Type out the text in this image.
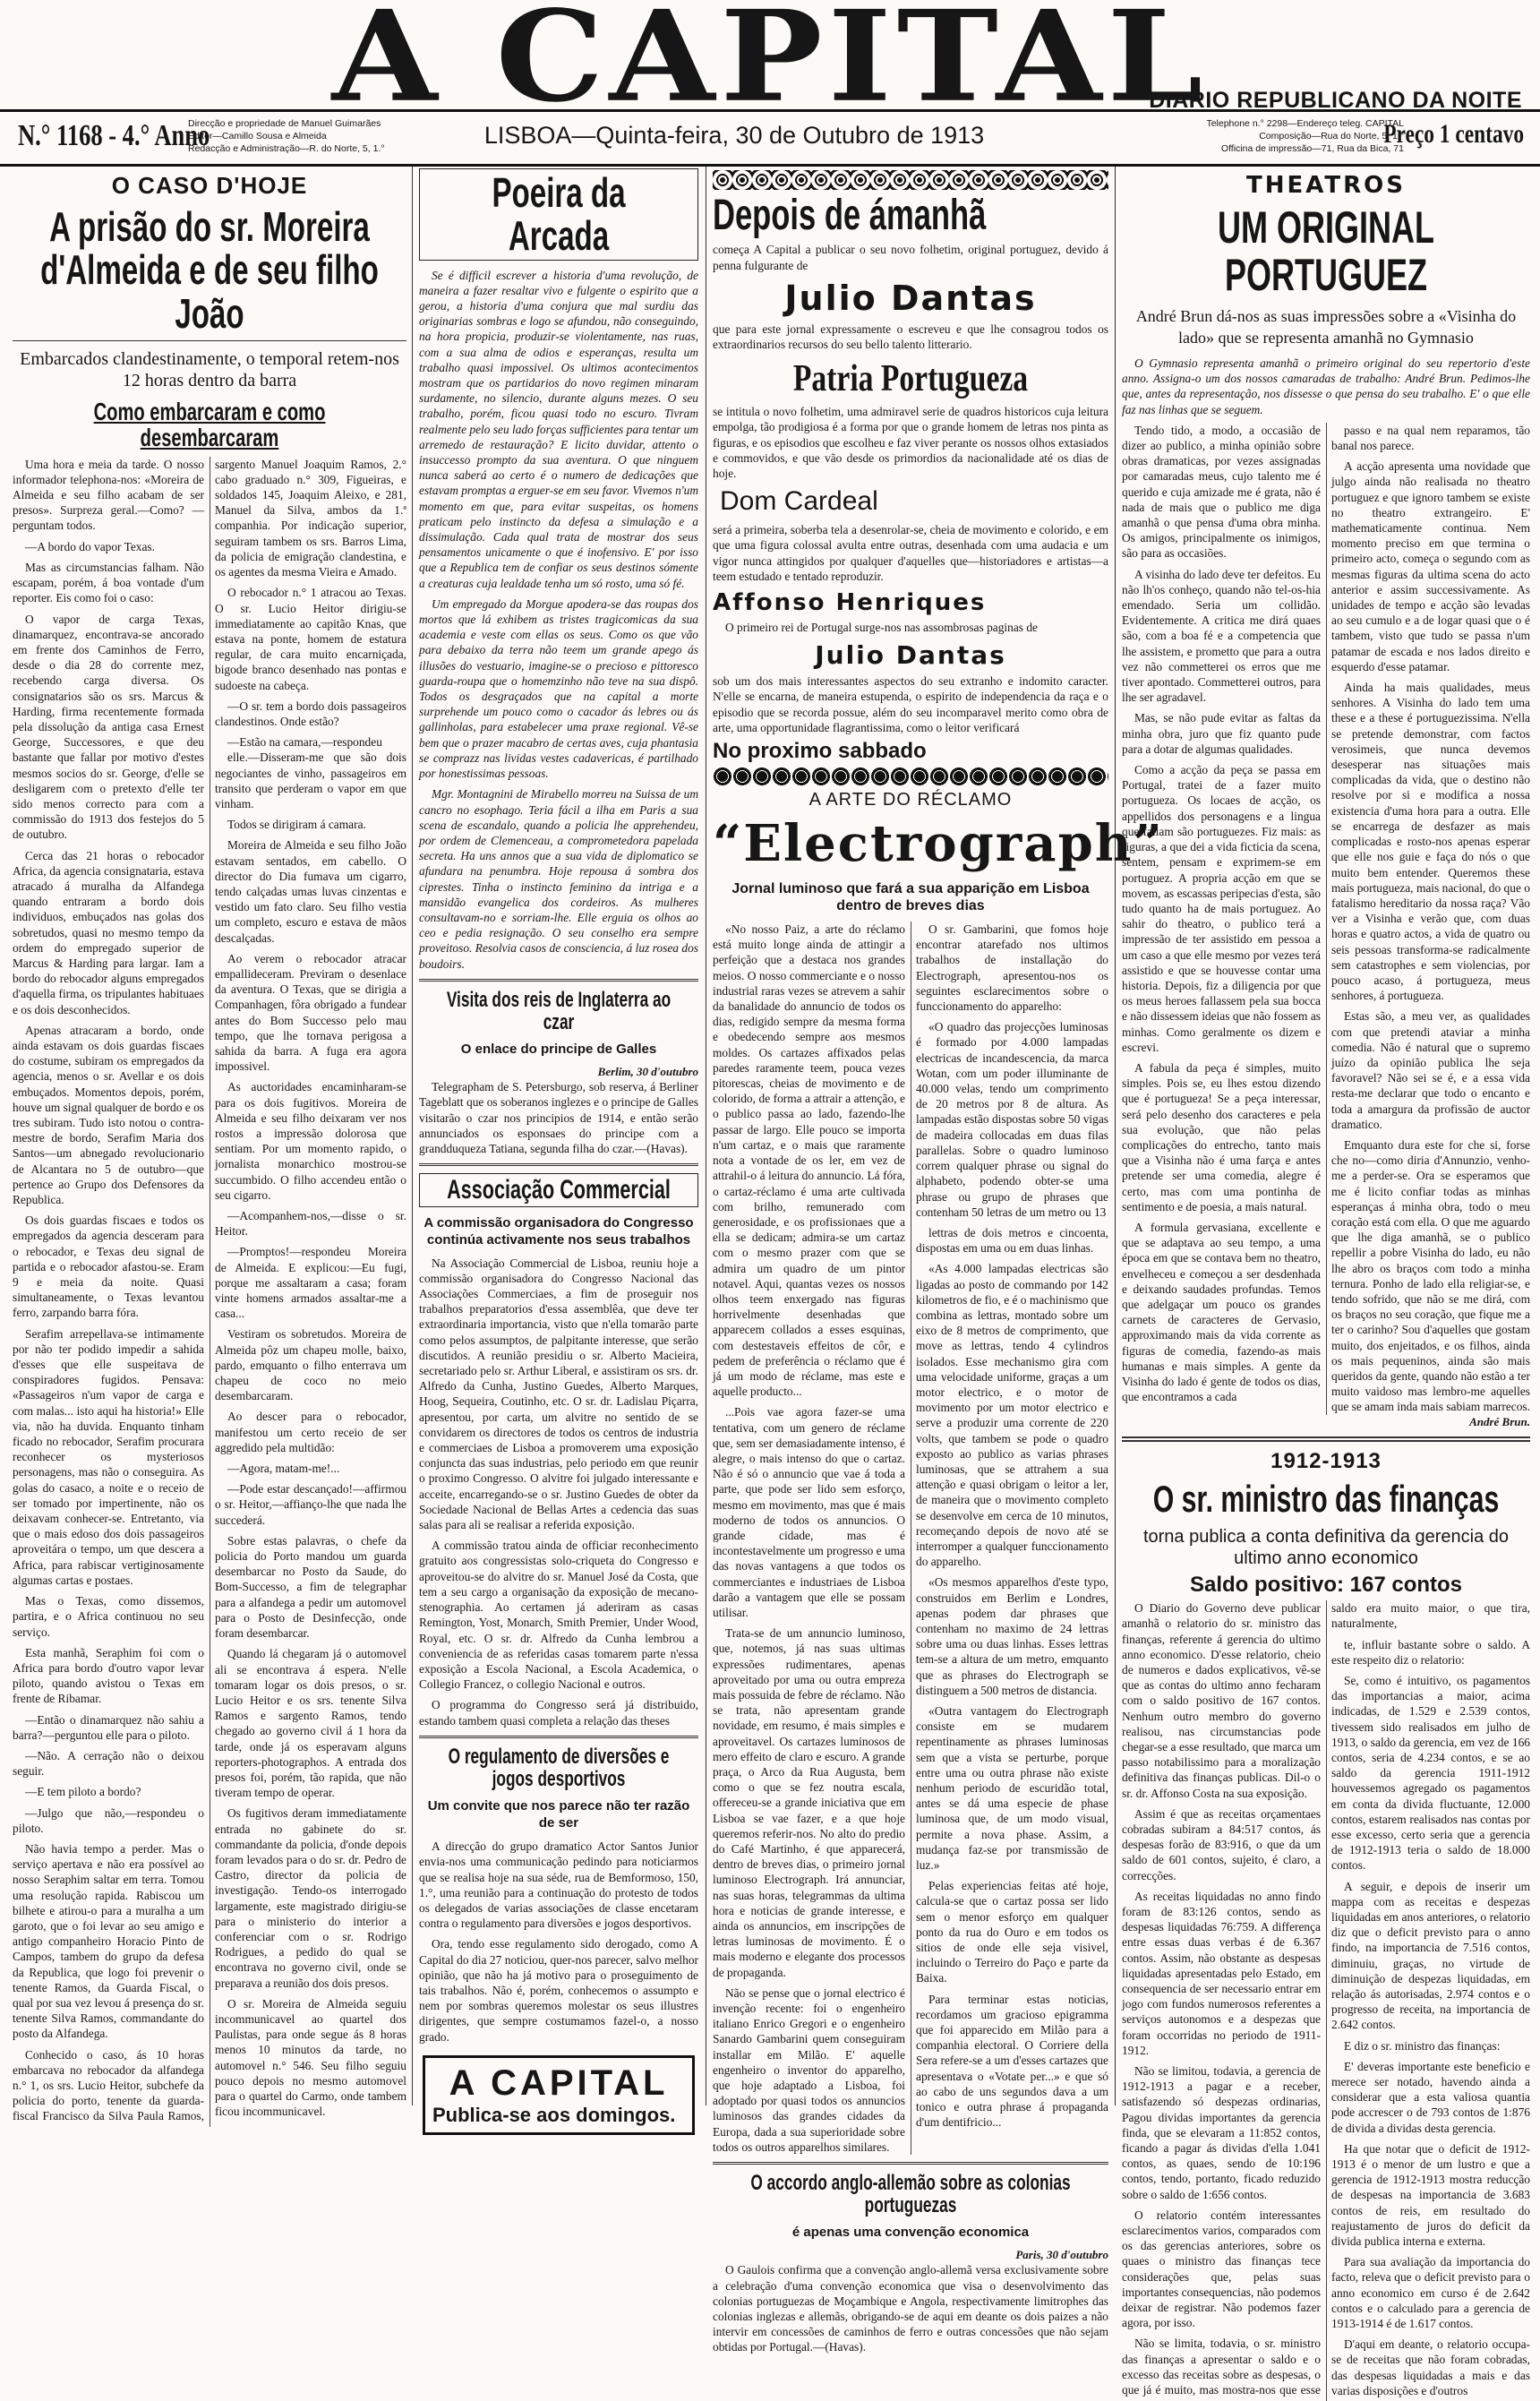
A CAPITAL
DIARIO REPUBLICANO DA NOITE
N.° 1168 - 4.° Anno
Direcção e propriedade de Manuel Guimarães
Editor—Camillo Sousa e Almeida
Redacção e Administração—R. do Norte, 5, 1.°	LISBOA—Quinta-feira, 30 de Outubro de 1913	Telephone n.° 2298—Endereço teleg. CAPITAL
Composição—Rua do Norte, 5, 1.°
Officina de impressão—71, Rua da Bica, 71
Preço 1 centavo
O CASO D'HOJE
A prisão do sr. Moreira d'Almeida e de seu filho João
Embarcados clandestinamente, o temporal retem-nos 12 horas dentro da barra
Como embarcaram e como desembarcaram

Uma hora e meia da tarde. O nosso informador telephona-nos: «Moreira de Almeida e seu filho acabam de ser presos». Surpreza geral.—Como? —perguntam todos.

—A bordo do vapor Texas.

Mas as circumstancias falham. Não escapam, porém, á boa vontade d'um reporter. Eis como foi o caso:

O vapor de carga Texas, dinamarquez, encontrava-se ancorado em frente dos Caminhos de Ferro, desde o dia 28 do corrente mez, recebendo carga diversa. Os consignatarios são os srs. Marcus & Harding, firma recentemente formada pela dissolução da antiga casa Ernest George, Successores, e que deu bastante que fallar por motivo d'estes mesmos socios do sr. George, d'elle se desligarem com o pretexto d'elle ter sido menos correcto para com a commissão do 1913 dos festejos do 5 de outubro.

Cerca das 21 horas o rebocador Africa, da agencia consignataria, estava atracado á muralha da Alfandega quando entraram a bordo dois individuos, embuçados nas golas dos sobretudos, quasi no mesmo tempo da ordem do empregado superior de Marcus & Harding para largar. Iam a bordo do rebocador alguns empregados d'aquella firma, os tripulantes habituaes e os dois desconhecidos.

Apenas atracaram a bordo, onde ainda estavam os dois guardas fiscaes do costume, subiram os empregados da agencia, menos o sr. Avellar e os dois embuçados. Momentos depois, porém, houve um signal qualquer de bordo e os tres subiram. Tudo isto notou o contra-mestre de bordo, Serafim Maria dos Santos—um abnegado revolucionario de Alcantara no 5 de outubro—que pertence ao Grupo dos Defensores da Republica.

Os dois guardas fiscaes e todos os empregados da agencia desceram para o rebocador, e Texas deu signal de partida e o rebocador afastou-se. Eram 9 e meia da noite. Quasi simultaneamente, o Texas levantou ferro, zarpando barra fóra.

Serafim arrepellava-se intimamente por não ter podido impedir a sahida d'esses que elle suspeitava de conspiradores fugidos. Pensava: «Passageiros n'um vapor de carga e com malas... isto aqui ha historia!» Elle via, não ha duvida. Enquanto tinham ficado no rebocador, Serafim procurara reconhecer os mysteriosos personagens, mas não o conseguira. As golas do casaco, a noite e o receio de ser tomado por impertinente, não os deixavam conhecer-se. Entretanto, via que o mais edoso dos dois passageiros aproveitára o tempo, um que descera a Africa, para rabiscar vertiginosamente algumas cartas e postaes.

Mas o Texas, como dissemos, partira, e o Africa continuou no seu serviço.

Esta manhã, Seraphim foi com o Africa para bordo d'outro vapor levar piloto, quando avistou o Texas em frente de Ribamar.

—Então o dinamarquez não sahiu a barra?—perguntou elle para o piloto.

—Não. A cerração não o deixou seguir.

—E tem piloto a bordo?

—Julgo que não,—respondeu o piloto.

Não havia tempo a perder. Mas o serviço apertava e não era possível ao nosso Seraphim saltar em terra. Tomou uma resolução rapida. Rabiscou um bilhete e atirou-o para a muralha a um garoto, que o foi levar ao seu amigo e antigo companheiro Horacio Pinto de Campos, tambem do grupo da defesa da Republica, que logo foi prevenir o tenente Ramos, da Guarda Fiscal, o qual por sua vez levou á presença do sr. tenente Silva Ramos, commandante do posto da Alfandega.

Conhecido o caso, ás 10 horas embarcava no rebocador da alfandega n.° 1, os srs. Lucio Heitor, subchefe da policia do porto, tenente da guarda-fiscal Francisco da Silva Paula Ramos, sargento Manuel Joaquim Ramos, 2.° cabo graduado n.° 309, Figueiras, e soldados 145, Joaquim Aleixo, e 281, Manuel da Silva, ambos da 1.ª companhia. Por indicação superior, seguiram tambem os srs. Barros Lima, da policia de emigração clandestina, e os agentes da mesma Vieira e Amado.

O rebocador n.° 1 atracou ao Texas. O sr. Lucio Heitor dirigiu-se immediatamente ao capitão Knas, que estava na ponte, homem de estatura regular, de cara muito encarniçada, bigode branco desenhado nas pontas e sudoeste na cabeça.

—O sr. tem a bordo dois passageiros clandestinos. Onde estão?

—Estão na camara,—respondeu

elle.—Disseram-me que são dois negociantes de vinho, passageiros em transito que perderam o vapor em que vinham.

Todos se dirigiram á camara.

Moreira de Almeida e seu filho João estavam sentados, em cabello. O director do Dia fumava um cigarro, tendo calçadas umas luvas cinzentas e vestido um fato claro. Seu filho vestia um completo, escuro e estava de mãos descalçadas.

Ao verem o rebocador atracar empallideceram. Previram o desenlace da aventura. O Texas, que se dirigia a Companhagen, fôra obrigado a fundear antes do Bom Successo pelo mau tempo, que lhe tornava perigosa a sahida da barra. A fuga era agora impossivel.

As auctoridades encaminharam-se para os dois fugitivos. Moreira de Almeida e seu filho deixaram ver nos rostos a impressão dolorosa que sentiam. Por um momento rapido, o jornalista monarchico mostrou-se succumbido. O filho accendeu então o seu cigarro.

—Acompanhem-nos,—disse o sr. Heitor.

—Promptos!—respondeu Moreira de Almeida. E explicou:—Eu fugi, porque me assaltaram a casa; foram vinte homens armados assaltar-me a casa...

Vestiram os sobretudos. Moreira de Almeida pôz um chapeu molle, baixo, pardo, emquanto o filho enterrava um chapeu de coco no meio desembarcaram.

Ao descer para o rebocador, manifestou um certo receio de ser aggredido pela multidão:

—Agora, matam-me!...

—Pode estar descançado!—affirmou o sr. Heitor,—affianço-lhe que nada lhe succederá.

Sobre estas palavras, o chefe da policia do Porto mandou um guarda desembarcar no Posto da Saude, do Bom-Successo, a fim de telegraphar para a alfandega a pedir um automovel para o Posto de Desinfecção, onde foram desembarcar.

Quando lá chegaram já o automovel ali se encontrava á espera. N'elle tomaram logar os dois presos, o sr. Lucio Heitor e os srs. tenente Silva Ramos e sargento Ramos, tendo chegado ao governo civil á 1 hora da tarde, onde já os esperavam alguns reporters-photographos. A entrada dos presos foi, porém, tão rapida, que não tiveram tempo de operar.

Os fugitivos deram immediatamente entrada no gabinete do sr. commandante da policia, d'onde depois foram levados para o do sr. dr. Pedro de Castro, director da policia de investigação. Tendo-os interrogado largamente, este magistrado dirigiu-se para o ministerio do interior a conferenciar com o sr. Rodrigo Rodrigues, a pedido do qual se encontrava no governo civil, onde se preparava a reunião dos dois presos.

O sr. Moreira de Almeida seguiu incommunicavel ao quartel dos Paulistas, para onde segue ás 8 horas menos 10 minutos da tarde, no automovel n.° 546. Seu filho seguiu pouco depois no mesmo automovel para o quartel do Carmo, onde tambem ficou incommunicavel.

Poeira da Arcada

Se é difficil escrever a historia d'uma revolução, de maneira a fazer resaltar vivo e fulgente o espirito que a gerou, a historia d'uma conjura que mal surdiu das originarias sombras e logo se afundou, não conseguindo, na hora propicia, produzir-se violentamente, nas ruas, com a sua alma de odios e esperanças, resulta um trabalho quasi impossivel. Os ultimos acontecimentos mostram que os partidarios do novo regimen minaram surdamente, no silencio, durante alguns mezes. O seu trabalho, porém, ficou quasi todo no escuro. Tivram realmente pelo seu lado forças sufficientes para tentar um arremedo de restauração? E licito duvidar, attento o insuccesso prompto da sua aventura. O que ninguem nunca saberá ao certo é o numero de dedicações que estavam promptas a erguer-se em seu favor. Vivemos n'um momento em que, para evitar suspeitas, os homens praticam pelo instincto da defesa a simulação e a dissimulação. Cada qual trata de mostrar dos seus pensamentos unicamente o que é inofensivo. E' por isso que a Republica tem de confiar os seus destinos sómente a creaturas cuja lealdade tenha um só rosto, uma só fé.

Um empregado da Morgue apodera-se das roupas dos mortos que lá exhibem as tristes tragicomicas da sua academia e veste com ellas os seus. Como os que vão para debaixo da terra não teem um grande apego ás illusões do vestuario, imagine-se o precioso e pittoresco guarda-roupa que o homemzinho não teve na sua dispô. Todos os desgraçados que na capital a morte surprehende um pouco como o cacador ás lebres ou ás gallinholas, para estabelecer uma praxe regional. Vê-se bem que o prazer macabro de certas aves, cuja phantasia se comprazz nas lividas vestes cadavericas, é partilhado por honestissimas pessoas.

Mgr. Montagnini de Mirabello morreu na Suissa de um cancro no esophago. Teria fácil a ilha em Paris a sua scena de escandalo, quando a policia lhe apprehendeu, por ordem de Clemenceau, a comprometedora papelada secreta. Ha uns annos que a sua vida de diplomatico se afundara na penumbra. Hoje repousa á sombra dos ciprestes. Tinha o instincto feminino da intriga e a mansidão evangelica dos cordeiros. As mulheres consultavam-no e sorriam-lhe. Elle erguia os olhos ao ceo e pedia resignação. O seu conselho era sempre proveitoso. Resolvia casos de consciencia, á luz rosea dos boudoirs.

Visita dos reis de Inglaterra ao czar
O enlace do principe de Galles
Berlim, 30 d'outubro

Telegrapham de S. Petersburgo, sob reserva, á Berliner Tageblatt que os soberanos inglezes e o principe de Galles visitarão o czar nos principios de 1914, e então serão annunciados os esponsaes do principe com a grandduqueza Tatiana, segunda filha do czar.—(Havas).

Associação Commercial
A commissão organisadora do Congresso continúa activamente nos seus trabalhos

Na Associação Commercial de Lisboa, reuniu hoje a commissão organisadora do Congresso Nacional das Associações Commerciaes, a fim de proseguir nos trabalhos preparatorios d'essa assemblêa, que deve ter extraordinaria importancia, visto que n'ella tomarão parte como pelos assumptos, de palpitante interesse, que serão discutidos. A reunião presidiu o sr. Alberto Macieira, secretariado pelo sr. Arthur Liberal, e assistiram os srs. dr. Alfredo da Cunha, Justino Guedes, Alberto Marques, Hoog, Sequeira, Coutinho, etc. O sr. dr. Ladislau Piçarra, apresentou, por carta, um alvitre no sentido de se convidarem os directores de todos os centros de industria e commerciaes de Lisboa a promoverem uma exposição conjuncta das suas industrias, pelo periodo em que reunir o proximo Congresso. O alvitre foi julgado interessante e acceite, encarregando-se o sr. Justino Guedes de obter da Sociedade Nacional de Bellas Artes a cedencia das suas salas para ali se realisar a referida exposição.

A commissão tratou ainda de officiar reconhecimento gratuito aos congressistas solo-criqueta do Congresso e aproveitou-se do alvitre do sr. Manuel José da Costa, que tem a seu cargo a organisação da exposição de mecano-stenographia. Ao certamen já aderiram as casas Remington, Yost, Monarch, Smith Premier, Under Wood, Royal, etc. O sr. dr. Alfredo da Cunha lembrou a conveniencia de as referidas casas tomarem parte n'essa exposição a Escola Nacional, a Escola Academica, o Collegio Francez, o collegio Nacional e outros.

O programma do Congresso será já distribuido, estando tambem quasi completa a relação das theses

O regulamento de diversões e jogos desportivos
Um convite que nos parece não ter razão de ser

A direcção do grupo dramatico Actor Santos Junior envia-nos uma communicação pedindo para noticiarmos que se realisa hoje na sua séde, rua de Bemformoso, 150, 1.°, uma reunião para a continuação do protesto de todos os delegados de varias associações de classe encetaram contra o regulamento para diversões e jogos desportivos.

Ora, tendo esse regulamento sido derogado, como A Capital do dia 27 noticiou, quer-nos parecer, salvo melhor opinião, que não ha já motivo para o proseguimento de tais trabalhos. Não é, porém, conhecemos o assumpto e nem por sombras queremos molestar os seus illustres dirigentes, que sempre costumamos fazel-o, a nosso grado.

A CAPITAL
Publica-se aos domingos.
Depois de ámanhã

começa A Capital a publicar o seu novo folhetim, original portuguez, devido á penna fulgurante de

Julio Dantas

que para este jornal expressamente o escreveu e que lhe consagrou todos os extraordinarios recursos do seu bello talento litterario.

Patria Portugueza

se intitula o novo folhetim, uma admiravel serie de quadros historicos cuja leitura empolga, tão prodigiosa é a forma por que o grande homem de letras nos pinta as figuras, e os episodios que escolheu e faz viver perante os nossos olhos extasiados e commovidos, e que vão desde os primordios da nacionalidade até os dias de hoje.

Dom Cardeal

será a primeira, soberba tela a desenrolar-se, cheia de movimento e colorido, e em que uma figura colossal avulta entre outras, desenhada com uma audacia e um vigor nunca attingidos por qualquer d'aquelles que—historiadores e artistas—a teem estudado e tentado reproduzir.

Affonso Henriques

O primeiro rei de Portugal surge-nos nas assombrosas paginas de

Julio Dantas

sob um dos mais interessantes aspectos do seu extranho e indomito caracter. N'elle se encarna, de maneira estupenda, o espirito de independencia da raça e o episodio que se recorda possue, além do seu incomparavel merito como obra de arte, uma opportunidade flagrantissima, como o leitor verificará

No proximo sabbado
A ARTE DO RÉCLAMO
“Electrograph”
Jornal luminoso que fará a sua apparição em Lisboa dentro de breves dias

«No nosso Paiz, a arte do réclamo está muito longe ainda de attingir a perfeição que a destaca nos grandes meios. O nosso commerciante e o nosso industrial raras vezes se atrevem a sahir da banalidade do annuncio de todos os dias, redigido sempre da mesma forma e obedecendo sempre aos mesmos moldes. Os cartazes affixados pelas paredes raramente teem, pouca vezes pitorescas, cheias de movimento e de colorido, de forma a attrair a attenção, e o publico passa ao lado, fazendo-lhe passar de largo. Elle pouco se importa n'um cartaz, e o mais que raramente nota a vontade de os ler, em vez de attrahil-o á leitura do annuncio. Lá fóra, o cartaz-réclamo é uma arte cultivada com brilho, remunerado com generosidade, e os profissionaes que a ella se dedicam; admira-se um cartaz com o mesmo prazer com que se admira um quadro de um pintor notavel. Aqui, quantas vezes os nossos olhos teem enxergado nas figuras horrivelmente desenhadas que apparecem collados a esses esquinas, com destestaveis effeitos de côr, e pedem de preferência o réclamo que é já um modo de réclame, mas este e aquelle producto...

...Pois vae agora fazer-se uma tentativa, com um genero de réclame que, sem ser demasiadamente intenso, é alegre, o mais intenso do que o cartaz. Não é só o annuncio que vae á toda a parte, que pode ser lido sem esforço, mesmo em movimento, mas que é mais moderno de todos os annuncios. O grande cidade, mas é incontestavelmente um progresso e uma das novas vantagens a que todos os commerciantes e industriaes de Lisboa darão a vantagem que elle se possam utilisar.

Trata-se de um annuncio luminoso, que, notemos, já nas suas ultimas expressões rudimentares, apenas aproveitado por uma ou outra empreza mais possuida de febre de réclamo. Não se trata, não apresentam grande novidade, em resumo, é mais simples e aproveitavel. Os cartazes luminosos de mero effeito de claro e escuro. A grande praça, o Arco da Rua Augusta, bem como o que se fez noutra escala, offereceu-se a grande iniciativa que em Lisboa se vae fazer, e a que hoje queremos referir-nos. No alto do predio do Café Martinho, é que apparecerá, dentro de breves dias, o primeiro jornal luminoso Electrograph. Irá annunciar, nas suas horas, telegrammas da ultima hora e noticias de grande interesse, e ainda os annuncios, em inscripções de letras luminosas de movimento. É o mais moderno e elegante dos processos de propaganda.

Não se pense que o jornal electrico é invenção recente: foi o engenheiro italiano Enrico Gregori e o engenheiro Sanardo Gambarini quem conseguiram installar em Milão. E' aquelle engenheiro o inventor do apparelho, que hoje adaptado a Lisboa, foi adoptado por quasi todos os annuncios luminosos das grandes cidades da Europa, dada a sua superioridade sobre todos os outros apparelhos similares.

O sr. Gambarini, que fomos hoje encontrar atarefado nos ultimos trabalhos de installação do Electrograph, apresentou-nos os seguintes esclarecimentos sobre o funccionamento do apparelho:

«O quadro das projecções luminosas é formado por 4.000 lampadas electricas de incandescencia, da marca Wotan, com um poder illuminante de 40.000 velas, tendo um comprimento de 20 metros por 8 de altura. As lampadas estão dispostas sobre 50 vigas de madeira collocadas em duas filas parallelas. Sobre o quadro luminoso correm qualquer phrase ou signal do alphabeto, podendo obter-se uma phrase ou grupo de phrases que contenham 50 letras de um metro ou 13

lettras de dois metros e cincoenta, dispostas em uma ou em duas linhas.

«As 4.000 lampadas electricas são ligadas ao posto de commando por 142 kilometros de fio, e é o machinismo que combina as lettras, montado sobre um eixo de 8 metros de comprimento, que move as lettras, tendo 4 cylindros isolados. Esse mechanismo gira com uma velocidade uniforme, graças a um motor electrico, e o motor de movimento por um motor electrico e serve a produzir uma corrente de 220 volts, que tambem se pode o quadro exposto ao publico as varias phrases luminosas, que se attrahem a sua attenção e quasi obrigam o leitor a ler, de maneira que o movimento completo se desenvolve em cerca de 10 minutos, recomeçando depois de novo até se interromper a qualquer funccionamento do apparelho.

«Os mesmos apparelhos d'este typo, construidos em Berlim e Londres, apenas podem dar phrases que contenham no maximo de 24 lettras sobre uma ou duas linhas. Esses lettras tem-se a altura de um metro, emquanto que as phrases do Electrograph se distinguem a 500 metros de distancia.

«Outra vantagem do Electrograph consiste em se mudarem repentinamente as phrases luminosas sem que a vista se perturbe, porque entre uma ou outra phrase não existe nenhum periodo de escuridão total, antes se dá uma especie de phase luminosa que, de um modo visual, permite a nova phase. Assim, a mudança faz-se por transmissão de luz.»

Pelas experiencias feitas até hoje, calcula-se que o cartaz possa ser lido sem o menor esforço em qualquer ponto da rua do Ouro e em todos os sitios de onde elle seja visivel, incluindo o Terreiro do Paço e parte da Baixa.

Para terminar estas noticias, recordamos um gracioso epigramma que foi apparecido em Milão para a companhia electoral. O Corriere della Sera refere-se a um d'esses cartazes que apresentava o «Votate per...» e que só ao cabo de uns segundos dava a um tonico e outra phrase á propaganda d'um dentifricio...

O accordo anglo-allemão sobre as colonias portuguezas
é apenas uma convenção economica
Paris, 30 d'outubro

O Gaulois confirma que a convenção anglo-allemã versa exclusivamente sobre a celebração d'uma convenção economica que visa o desenvolvimento das colonias portuguezas de Moçambique e Angola, respectivamente limitrophes das colonias inglezas e allemãs, obrigando-se de aqui em deante os dois paizes a não intervir em concessões de caminhos de ferro e outras concessões que não sejam obtidas por Portugal.—(Havas).

THEATROS
UM ORIGINAL PORTUGUEZ
André Brun dá-nos as suas impressões sobre a «Visinha do lado» que se representa amanhã no Gymnasio

O Gymnasio representa amanhã o primeiro original do seu repertorio d'este anno. Assigna-o um dos nossos camaradas de trabalho: André Brun. Pedimos-lhe que, antes da representação, nos dissesse o que pensa do seu trabalho. E' o que elle faz nas linhas que se seguem.

Tendo tido, a modo, a occasião de dizer ao publico, a minha opinião sobre obras dramaticas, por vezes assignadas por camaradas meus, cujo talento me é querido e cuja amizade me é grata, não é nada de mais que o publico me diga amanhã o que pensa d'uma obra minha. Os amigos, principalmente os inimigos, são para as occasiões.

A visinha do lado deve ter defeitos. Eu não lh'os conheço, quando não tel-os-hia emendado. Seria um collidão. Evidentemente. A critica me dirá quaes são, com a boa fé e a competencia que lhe assistem, e prometto que para a outra vez não commetterei os erros que me tiver apontado. Commetterei outros, para lhe ser agradavel.

Mas, se não pude evitar as faltas da minha obra, juro que fiz quanto pude para a dotar de algumas qualidades.

Como a acção da peça se passa em Portugal, tratei de a fazer muito portugueza. Os locaes de acção, os appellidos dos personagens e a lingua que fallam são portuguezes. Fiz mais: as figuras, a que dei a vida ficticia da scena, sentem, pensam e exprimem-se em portuguez. A propria acção em que se movem, as escassas peripecias d'esta, são tudo quanto ha de mais portuguez. Ao sahir do theatro, o publico terá a impressão de ter assistido em pessoa a um caso a que elle mesmo por vezes terá assistido e que se houvesse contar uma historia. Depois, fiz a diligencia por que os meus heroes fallassem pela sua bocca e não dissessem ideias que não fossem as minhas. Como geralmente os dizem e escrevi.

A fabula da peça é simples, muito simples. Pois se, eu lhes estou dizendo que é portugueza! Se a peça interessar, será pelo desenho dos caracteres e pela sua evolução, que não pelas complicações do entrecho, tanto mais que a Visinha não é uma farça e antes pretende ser uma comedia, alegre é certo, mas com uma pontinha de sentimento e de poesia, a mais natural.

A formula gervasiana, excellente e que se adaptava ao seu tempo, a uma época em que se contava bem no theatro, envelheceu e começou a ser desdenhada e deixando saudades profundas. Temos que adelgaçar um pouco os grandes carnets de caracteres de Gervasio, approximando mais da vida corrente as figuras de comedia, fazendo-as mais humanas e mais simples. A gente da Visinha do lado é gente de todos os dias, que encontramos a cada

passo e na qual nem reparamos, tão banal nos parece.

A acção apresenta uma novidade que julgo ainda não realisada no theatro portuguez e que ignoro tambem se existe no theatro extrangeiro. E' mathematicamente continua. Nem momento preciso em que termina o primeiro acto, começa o segundo com as mesmas figuras da ultima scena do acto anterior e assim successivamente. As unidades de tempo e acção são levadas ao seu cumulo e a de logar quasi que o é tambem, visto que tudo se passa n'um patamar de escada e nos lados direito e esquerdo d'esse patamar.

Ainda ha mais qualidades, meus senhores. A Visinha do lado tem uma these e a these é portuguezissima. N'ella se pretende demonstrar, com factos verosimeis, que nunca devemos desesperar nas situações mais complicadas da vida, que o destino não resolve por si e modifica a nossa existencia d'uma hora para a outra. Elle se encarrega de desfazer as mais complicadas e rosto-nos apenas esperar que elle nos guie e faça do nós o que muito bem entender. Queremos these mais portugueza, mais nacional, do que o fatalismo hereditario da nossa raça? Vão ver a Visinha e verão que, com duas horas e quatro actos, a vida de quatro ou seis pessoas transforma-se radicalmente sem catastrophes e sem violencias, por pouco acaso, á portugueza, meus senhores, á portugueza.

Estas são, a meu ver, as qualidades com que pretendi ataviar a minha comedia. Não é natural que o supremo juízo da opinião publica lhe seja favoravel? Não sei se é, e a essa vida resta-me declarar que todo o encanto e toda a amargura da profissão de auctor dramatico.

Emquanto dura este for che si, forse che no—como diria d'Annunzio, venho-me a perder-se. Ora se esperamos que me é licito confiar todas as minhas esperanças á minha obra, todo o meu coração está com ella. O que me aguardo que lhe diga amanhã, se o publico repellir a pobre Visinha do lado, eu não lhe abro os braços com todo a minha ternura. Ponho de lado ella religiar-se, e tendo sofrido, que não se me dirá, com os braços no seu coração, que fique me a ter o carinho? Sou d'aquelles que gostam muito, dos enjeitados, e os filhos, ainda os mais pequeninos, ainda são mais queridos da gente, quando não estão a ter muito vaidoso mas lembro-me aquelles que se amam inda mais sabiam marrecos.

André Brun.
1912-1913
O sr. ministro das finanças
torna publica a conta definitiva da gerencia do ultimo anno economico
Saldo positivo: 167 contos

O Diario do Governo deve publicar amanhã o relatorio do sr. ministro das finanças, referente á gerencia do ultimo anno economico. D'esse relatorio, cheio de numeros e dados explicativos, vê-se que as contas do ultimo anno fecharam com o saldo positivo de 167 contos. Nenhum outro membro do governo realisou, nas circumstancias pode chegar-se a esse resultado, que marca um passo notabilissimo para a moralização definitiva das finanças publicas. Dil-o o sr. dr. Affonso Costa na sua exposição.

Assim é que as receitas orçamentaes cobradas subiram a 84:517 contos, ás despesas forão de 83:916, o que da um saldo de 601 contos, sujeito, é claro, a correcções.

As receitas liquidadas no anno findo foram de 83:126 contos, sendo as despesas liquidadas 76:759. A differença entre essas duas verbas é de 6.367 contos. Assim, não obstante as despesas liquidadas apresentadas pelo Estado, em consequencia de ser necessario entrar em jogo com fundos numerosos referentes a serviços autonomos e a despezas que foram occorridas no periodo de 1911-1912.

Não se limitou, todavia, a gerencia de 1912-1913 a pagar e a receber, satisfazendo só despezas ordinarias, Pagou dividas importantes da gerencia finda, que se elevaram a 11:852 contos, ficando a pagar ás dividas d'ella 1.041 contos, as quaes, sendo de 10:196 contos, tendo, portanto, ficado reduzido sobre o saldo de 1:656 contos.

O relatorio contém interessantes esclarecimentos varios, comparados com os das gerencias anteriores, sobre os quaes o ministro das finanças tece considerações que, pelas suas importantes consequencias, não podemos deixar de registrar. Não podemos fazer agora, por isso.

Não se limita, todavia, o sr. ministro das finanças a apresentar o saldo e o excesso das receitas sobre as despesas, o que já é muito, mas mostra-nos que esse saldo era muito maior, o que tira, naturalmente,

te, influir bastante sobre o saldo. A este respeito diz o relatorio:

Se, como é intuitivo, os pagamentos das importancias a maior, acima indicadas, de 1.529 e 2.539 contos, tivessem sido realisados em julho de 1913, o saldo da gerencia, em vez de 166 contos, seria de 4.234 contos, e se ao saldo da gerencia 1911-1912 houvessemos agregado os pagamentos em conta da divida fluctuante, 12.000 contos, estarem realisados nas contas por esse excesso, certo seria que a gerencia de 1912-1913 teria o saldo de 18.000 contos.

A seguir, e depois de inserir um mappa com as receitas e despezas liquidadas em anos anteriores, o relatorio diz que o deficit previsto para o anno findo, na importancia de 7.516 contos, diminuiu, graças, no virtude de diminuição de despezas liquidadas, em relação ás autorisadas, 2.974 contos e o progresso de receita, na importancia de 2.642 contos.

E diz o sr. ministro das finanças:

E' deveras importante este beneficio e merece ser notado, havendo ainda a considerar que a esta valiosa quantia pode accrescer o de 793 contos de 1:876 de divida a dividas desta gerencia.

Ha que notar que o deficit de 1912-1913 é o menor de um lustro e que a gerencia de 1912-1913 mostra reducção de despesas na importancia de 3.683 contos de reis, em resultado do reajustamento de juros do deficit da divida publica interna e externa.

Para sua avaliação da importancia do facto, releva que o deficit previsto para o anno economico em curso é de 2.642 contos e o calculado para a gerencia de 1913-1914 é de 1.617 contos.

D'aqui em deante, o relatorio occupa-se de receitas que não foram cobradas, das despesas liquidadas a mais e das varias disposições e d'outros
